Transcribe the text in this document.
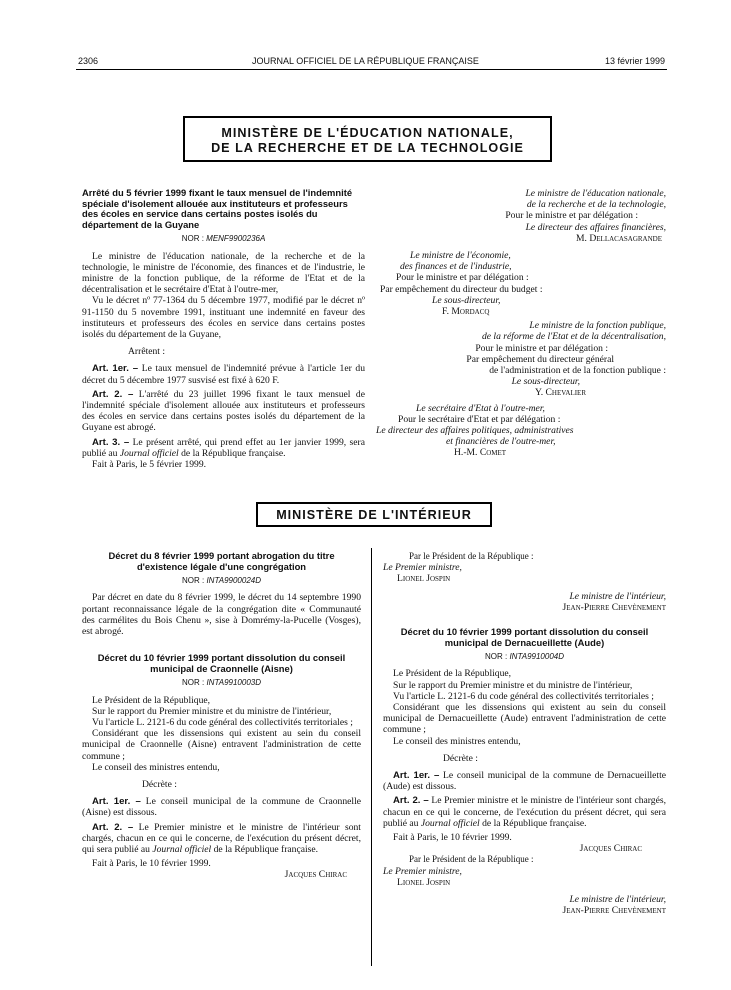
2306	JOURNAL OFFICIEL DE LA RÉPUBLIQUE FRANÇAISE	13 février 1999
MINISTÈRE DE L'ÉDUCATION NATIONALE,
DE LA RECHERCHE ET DE LA TECHNOLOGIE
Arrêté du 5 février 1999 fixant le taux mensuel de l'indemnité spéciale d'isolement allouée aux instituteurs et professeurs des écoles en service dans certains postes isolés du département de la Guyane
NOR : MENF9900236A

Le ministre de l'éducation nationale, de la recherche et de la technologie, le ministre de l'économie, des finances et de l'industrie, le ministre de la fonction publique, de la réforme de l'Etat et de la décentralisation et le secrétaire d'Etat à l'outre-mer,

Vu le décret nº 77-1364 du 5 décembre 1977, modifié par le décret nº 91-1150 du 5 novembre 1991, instituant une indemnité en faveur des instituteurs et professeurs des écoles en service dans certains postes isolés du département de la Guyane,

Arrêtent :

Art. 1er. – Le taux mensuel de l'indemnité prévue à l'article 1er du décret du 5 décembre 1977 susvisé est fixé à 620 F.

Art. 2. – L'arrêté du 23 juillet 1996 fixant le taux mensuel de l'indemnité spéciale d'isolement allouée aux instituteurs et professeurs des écoles en service dans certains postes isolés du département de la Guyane est abrogé.

Art. 3. – Le présent arrêté, qui prend effet au 1er janvier 1999, sera publié au Journal officiel de la République française.

Fait à Paris, le 5 février 1999.

Le ministre de l'éducation nationale,
de la recherche et de la technologie,
Pour le ministre et par délégation :
Le directeur des affaires financières,
M. Dellacasagrande
Le ministre de l'économie,
des finances et de l'industrie,
Pour le ministre et par délégation :
Par empêchement du directeur du budget :
Le sous-directeur,
F. Mordacq
Le ministre de la fonction publique,
de la réforme de l'Etat et de la décentralisation,
Pour le ministre et par délégation :
Par empêchement du directeur général
de l'administration et de la fonction publique :
Le sous-directeur,
Y. Chevalier
Le secrétaire d'Etat à l'outre-mer,
Pour le secrétaire d'Etat et par délégation :
Le directeur des affaires politiques, administratives
et financières de l'outre-mer,
H.-M. Comet
MINISTÈRE DE L'INTÉRIEUR
Décret du 8 février 1999 portant abrogation du titre d'existence légale d'une congrégation
NOR : INTA9900024D

Par décret en date du 8 février 1999, le décret du 14 septembre 1990 portant reconnaissance légale de la congrégation dite « Communauté des carmélites du Bois Chenu », sise à Domrémy-la-Pucelle (Vosges), est abrogé.

Décret du 10 février 1999 portant dissolution du conseil municipal de Craonnelle (Aisne)
NOR : INTA9910003D

Le Président de la République,

Sur le rapport du Premier ministre et du ministre de l'intérieur,

Vu l'article L. 2121-6 du code général des collectivités territoriales ;

Considérant que les dissensions qui existent au sein du conseil municipal de Craonnelle (Aisne) entravent l'administration de cette commune ;

Le conseil des ministres entendu,

Décrète :

Art. 1er. – Le conseil municipal de la commune de Craonnelle (Aisne) est dissous.

Art. 2. – Le Premier ministre et le ministre de l'intérieur sont chargés, chacun en ce qui le concerne, de l'exécution du présent décret, qui sera publié au Journal officiel de la République française.

Fait à Paris, le 10 février 1999.

Jacques Chirac
Par le Président de la République :
Le Premier ministre,
Lionel Jospin
Le ministre de l'intérieur,
Jean-Pierre Chevènement
Décret du 10 février 1999 portant dissolution du conseil municipal de Dernacueillette (Aude)
NOR : INTA9910004D

Le Président de la République,

Sur le rapport du Premier ministre et du ministre de l'intérieur,

Vu l'article L. 2121-6 du code général des collectivités territoriales ;

Considérant que les dissensions qui existent au sein du conseil municipal de Dernacueillette (Aude) entravent l'administration de cette commune ;

Le conseil des ministres entendu,

Décrète :

Art. 1er. – Le conseil municipal de la commune de Dernacueillette (Aude) est dissous.

Art. 2. – Le Premier ministre et le ministre de l'intérieur sont chargés, chacun en ce qui le concerne, de l'exécution du présent décret, qui sera publié au Journal officiel de la République française.

Fait à Paris, le 10 février 1999.

Jacques Chirac
Par le Président de la République :
Le Premier ministre,
Lionel Jospin
Le ministre de l'intérieur,
Jean-Pierre Chevènement
